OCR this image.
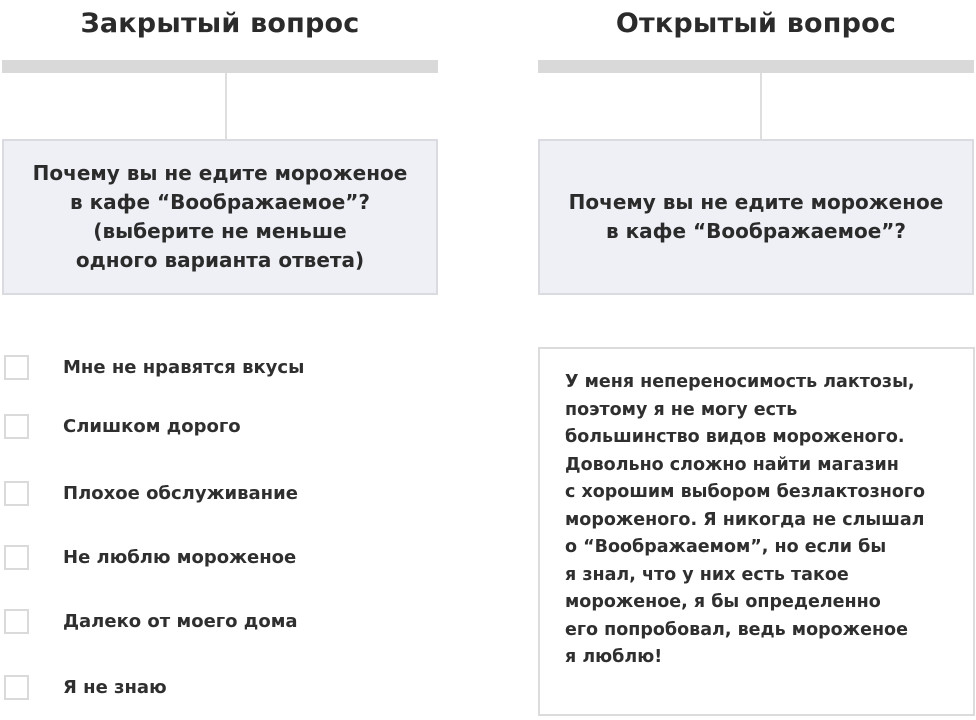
Закрытый вопрос	Открытый вопрос
Почему вы не едите мороженое
в кафе “Воображаемое”?
(выберите не меньше
одного варианта ответа)
Почему вы не едите мороженое
в кафе “Воображаемое”?
Мне не нравятся вкусы
Слишком дорого
Плохое обслуживание
Не люблю мороженое
Далеко от моего дома
Я не знаю
У меня непереносимость лактозы,
поэтому я не могу есть
большинство видов мороженого.
Довольно сложно найти магазин
с хорошим выбором безлактозного
мороженого. Я никогда не слышал
о “Воображаемом”, но если бы
я знал, что у них есть такое
мороженое, я бы определенно
его попробовал, ведь мороженое
я люблю!
